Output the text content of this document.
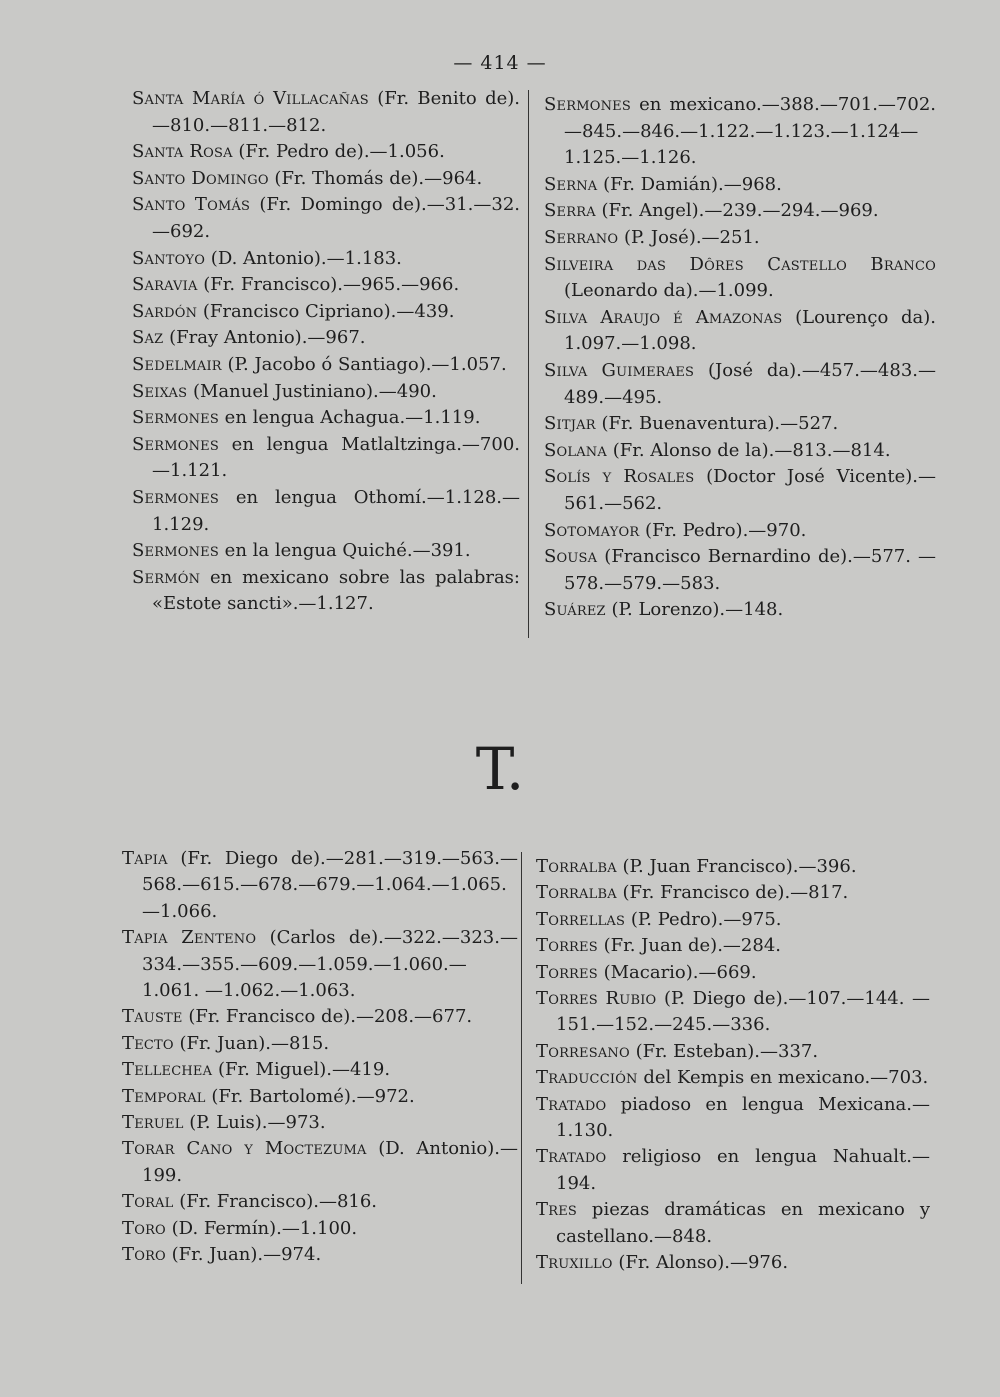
— 414 —
Santa María ó Villacañas (Fr. Benito de).—810.—811.—812.
Santa Rosa (Fr. Pedro de).—1.056.
Santo Domingo (Fr. Thomás de).—964.
Santo Tomás (Fr. Domingo de).—31.—32. —692.
Santoyo (D. Antonio).—1.183.
Saravia (Fr. Francisco).—965.—966.
Sardón (Francisco Cipriano).—439.
Saz (Fray Antonio).—967.
Sedelmair (P. Jacobo ó Santiago).—1.057.
Seixas (Manuel Justiniano).—490.
Sermones en lengua Achagua.—1.119.
Sermones en lengua Matlaltzinga.—700. —1.121.
Sermones en lengua Othomí.—1.128.— 1.129.
Sermones en la lengua Quiché.—391.
Sermón en mexicano sobre las palabras: «Estote sancti».—1.127.
Sermones en mexicano.—388.—701.—702. —845.—846.—1.122.—1.123.—1.124— 1.125.—1.126.
Serna (Fr. Damián).—968.
Serra (Fr. Angel).—239.—294.—969.
Serrano (P. José).—251.
Silveira das Dôres Castello Branco (Leonardo da).—1.099.
Silva Araujo é Amazonas (Lourenço da). 1.097.—1.098.
Silva Guimeraes (José da).—457.—483.— 489.—495.
Sitjar (Fr. Buenaventura).—527.
Solana (Fr. Alonso de la).—813.—814.
Solís y Rosales (Doctor José Vicente).— 561.—562.
Sotomayor (Fr. Pedro).—970.
Sousa (Francisco Bernardino de).—577. —578.—579.—583.
Suárez (P. Lorenzo).—148.
T.
Tapia (Fr. Diego de).—281.—319.—563.— 568.—615.—678.—679.—1.064.—1.065. —1.066.
Tapia Zenteno (Carlos de).—322.—323.— 334.—355.—609.—1.059.—1.060.—1.061. —1.062.—1.063.
Tauste (Fr. Francisco de).—208.—677.
Tecto (Fr. Juan).—815.
Tellechea (Fr. Miguel).—419.
Temporal (Fr. Bartolomé).—972.
Teruel (P. Luis).—973.
Torar Cano y Moctezuma (D. Antonio).— 199.
Toral (Fr. Francisco).—816.
Toro (D. Fermín).—1.100.
Toro (Fr. Juan).—974.
Torralba (P. Juan Francisco).—396.
Torralba (Fr. Francisco de).—817.
Torrellas (P. Pedro).—975.
Torres (Fr. Juan de).—284.
Torres (Macario).—669.
Torres Rubio (P. Diego de).—107.—144. —151.—152.—245.—336.
Torresano (Fr. Esteban).—337.
Traducción del Kempis en mexicano.—703.
Tratado piadoso en lengua Mexicana.— 1.130.
Tratado religioso en lengua Nahualt.— 194.
Tres piezas dramáticas en mexicano y castellano.—848.
Truxillo (Fr. Alonso).—976.
